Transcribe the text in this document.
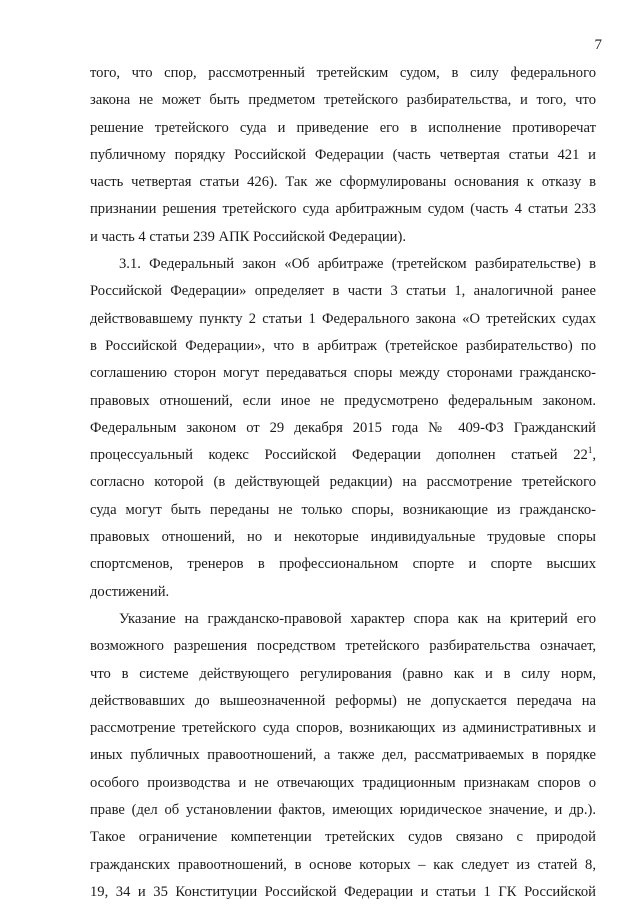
7

того, что спор, рассмотренный третейским судом, в силу федерального
закона не может быть предметом третейского разбирательства, и того, что
решение третейского суда и приведение его в исполнение противоречат
публичному порядку Российской Федерации (часть четвертая статьи 421 и
часть четвертая статьи 426). Так же сформулированы основания к отказу в
признании решения третейского суда арбитражным судом (часть 4 статьи 233
и часть 4 статьи 239 АПК Российской Федерации).

3.1. Федеральный закон «Об арбитраже (третейском разбирательстве) в
Российской Федерации» определяет в части 3 статьи 1, аналогичной ранее
действовавшему пункту 2 статьи 1 Федерального закона «О третейских судах
в Российской Федерации», что в арбитраж (третейское разбирательство) по
соглашению сторон могут передаваться споры между сторонами гражданско-
правовых отношений, если иное не предусмотрено федеральным законом.
Федеральным законом от 29 декабря 2015 года № 409-ФЗ Гражданский
процессуальный кодекс Российской Федерации дополнен статьей $22^1$,
согласно которой (в действующей редакции) на рассмотрение третейского
суда могут быть переданы не только споры, возникающие из гражданско-
правовых отношений, но и некоторые индивидуальные трудовые споры
спортсменов, тренеров в профессиональном спорте и спорте высших
достижений.

Указание на гражданско-правовой характер спора как на критерий его
возможного разрешения посредством третейского разбирательства означает,
что в системе действующего регулирования (равно как и в силу норм,
действовавших до вышеозначенной реформы) не допускается передача на
рассмотрение третейского суда споров, возникающих из административных и
иных публичных правоотношений, а также дел, рассматриваемых в порядке
особого производства и не отвечающих традиционным признакам споров о
праве (дел об установлении фактов, имеющих юридическое значение, и др.).
Такое ограничение компетенции третейских судов связано с природой
гражданских правоотношений, в основе которых – как следует из статей 8,
19, 34 и 35 Конституции Российской Федерации и статьи 1 ГК Российской
